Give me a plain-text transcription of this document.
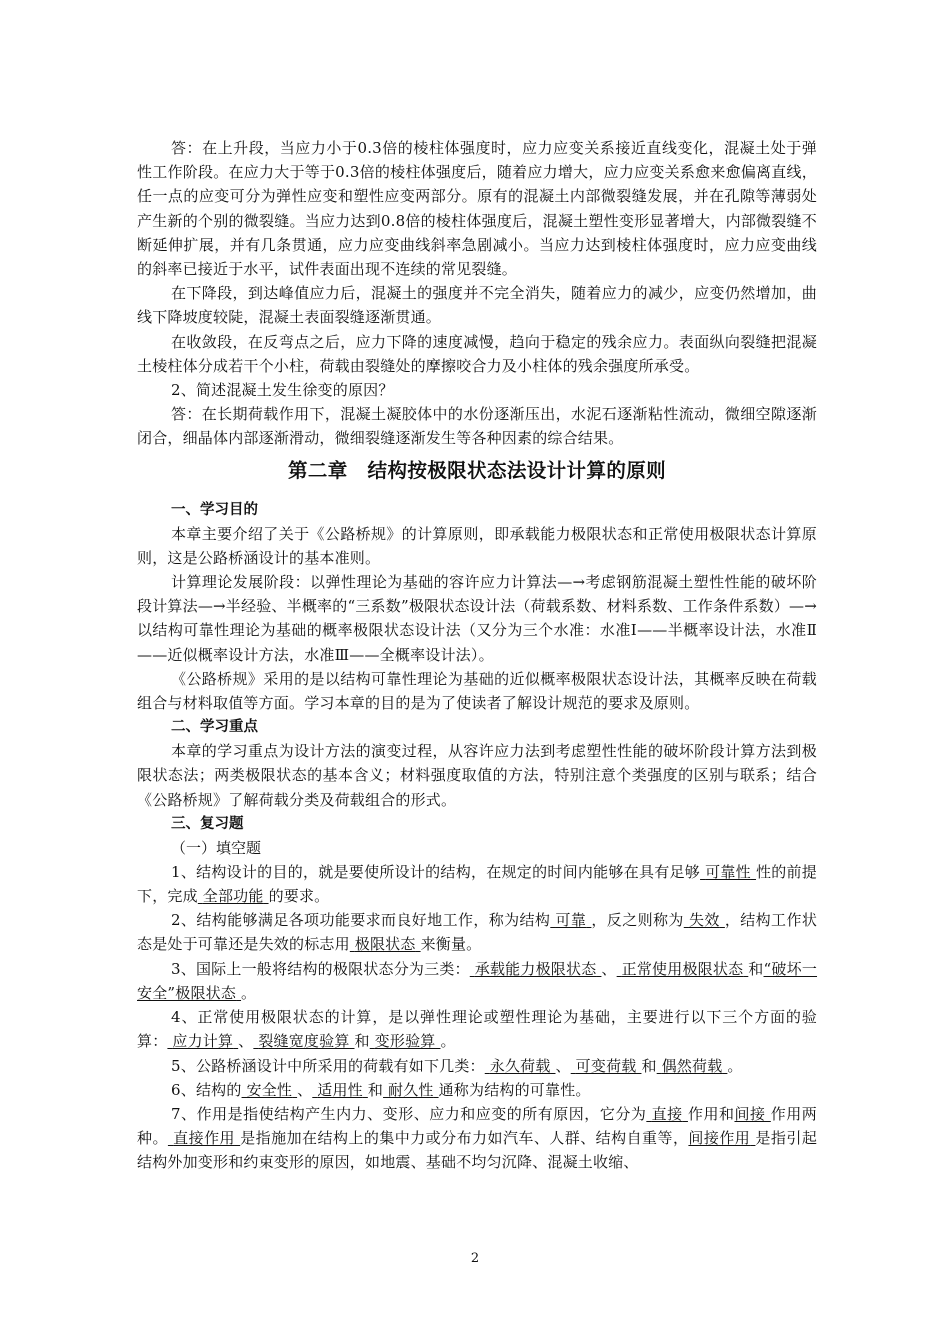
答：在上升段，当应力小于0.3倍的棱柱体强度时，应力应变关系接近直线变化，混凝土处于弹性工作阶段。在应力大于等于0.3倍的棱柱体强度后，随着应力增大，应力应变关系愈来愈偏离直线，任一点的应变可分为弹性应变和塑性应变两部分。原有的混凝土内部微裂缝发展，并在孔隙等薄弱处产生新的个别的微裂缝。当应力达到0.8倍的棱柱体强度后，混凝土塑性变形显著增大，内部微裂缝不断延伸扩展，并有几条贯通，应力应变曲线斜率急剧减小。当应力达到棱柱体强度时，应力应变曲线的斜率已接近于水平，试件表面出现不连续的常见裂缝。

在下降段，到达峰值应力后，混凝土的强度并不完全消失，随着应力的减少，应变仍然增加，曲线下降坡度较陡，混凝土表面裂缝逐渐贯通。

在收敛段，在反弯点之后，应力下降的速度减慢，趋向于稳定的残余应力。表面纵向裂缝把混凝土棱柱体分成若干个小柱，荷载由裂缝处的摩擦咬合力及小柱体的残余强度所承受。

2、简述混凝土发生徐变的原因？

答：在长期荷载作用下，混凝土凝胶体中的水份逐渐压出，水泥石逐渐粘性流动，微细空隙逐渐闭合，细晶体内部逐渐滑动，微细裂缝逐渐发生等各种因素的综合结果。

第二章　结构按极限状态法设计计算的原则

一、学习目的

本章主要介绍了关于《公路桥规》的计算原则，即承载能力极限状态和正常使用极限状态计算原则，这是公路桥涵设计的基本准则。

计算理论发展阶段：以弹性理论为基础的容许应力计算法—→考虑钢筋混凝土塑性性能的破坏阶段计算法—→半经验、半概率的“三系数”极限状态设计法（荷载系数、材料系数、工作条件系数）—→以结构可靠性理论为基础的概率极限状态设计法（又分为三个水准：水准Ⅰ——半概率设计法，水准Ⅱ——近似概率设计方法，水准Ⅲ——全概率设计法）。

《公路桥规》采用的是以结构可靠性理论为基础的近似概率极限状态设计法，其概率反映在荷载组合与材料取值等方面。学习本章的目的是为了使读者了解设计规范的要求及原则。

二、学习重点

本章的学习重点为设计方法的演变过程，从容许应力法到考虑塑性性能的破坏阶段计算方法到极限状态法；两类极限状态的基本含义；材料强度取值的方法，特别注意个类强度的区别与联系；结合《公路桥规》了解荷载分类及荷载组合的形式。

三、复习题

（一）填空题

1、结构设计的目的，就是要使所设计的结构，在规定的时间内能够在具有足够 可靠性 性的前提下，完成 全部功能 的要求。

2、结构能够满足各项功能要求而良好地工作，称为结构 可靠 ，反之则称为 失效 ，结构工作状态是处于可靠还是失效的标志用 极限状态 来衡量。

3、国际上一般将结构的极限状态分为三类： 承载能力极限状态 、 正常使用极限状态 和“破坏一安全”极限状态 。

4、正常使用极限状态的计算，是以弹性理论或塑性理论为基础，主要进行以下三个方面的验算： 应力计算 、 裂缝宽度验算 和 变形验算 。

5、公路桥涵设计中所采用的荷载有如下几类： 永久荷载 、 可变荷载 和 偶然荷载 。

6、结构的 安全性 、 适用性 和 耐久性 通称为结构的可靠性。

7、作用是指使结构产生内力、变形、应力和应变的所有原因，它分为 直接 作用和间接 作用两种。 直接作用 是指施加在结构上的集中力或分布力如汽车、人群、结构自重等，间接作用 是指引起结构外加变形和约束变形的原因，如地震、基础不均匀沉降、混凝土收缩、

2
